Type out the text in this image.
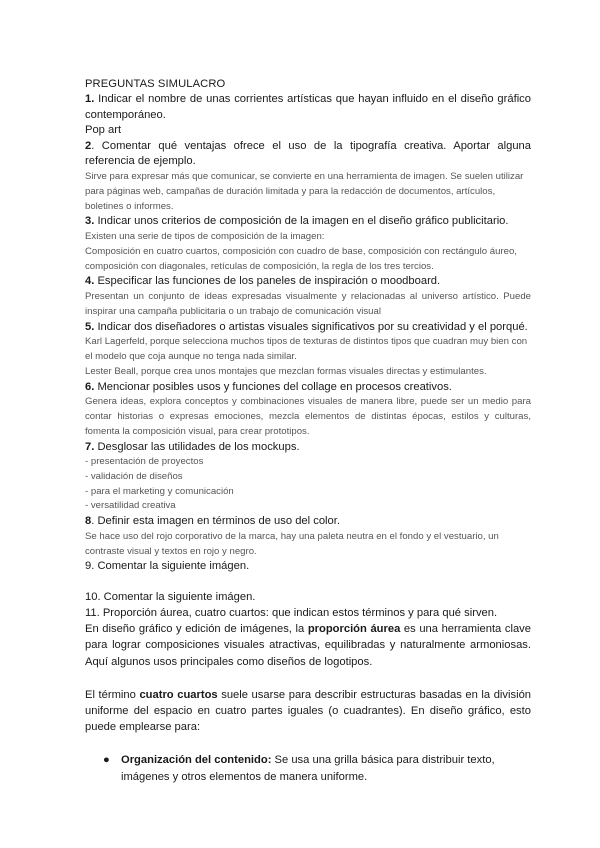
PREGUNTAS SIMULACRO

1. Indicar el nombre de unas corrientes artísticas que hayan influido en el diseño gráfico contemporáneo.

Pop art

2. Comentar qué ventajas ofrece el uso de la tipografía creativa. Aportar alguna referencia de ejemplo.

Sirve para expresar más que comunicar, se convierte en una herramienta de imagen. Se suelen utilizar para páginas web, campañas de duración limitada y para la redacción de documentos, artículos, boletines o informes.

3. Indicar unos criterios de composición de la imagen en el diseño gráfico publicitario.

Existen una serie de tipos de composición de la imagen:

Composición en cuatro cuartos, composición con cuadro de base, composición con rectángulo áureo, composición con diagonales, retículas de composición, la regla de los tres tercios.

4. Especificar las funciones de los paneles de inspiración o moodboard.

Presentan un conjunto de ideas expresadas visualmente y relacionadas al universo artístico. Puede inspirar una campaña publicitaria o un trabajo de comunicación visual

5. Indicar dos diseñadores o artistas visuales significativos por su creatividad y el porqué.

Karl Lagerfeld, porque selecciona muchos tipos de texturas de distintos tipos que cuadran muy bien con el modelo que coja aunque no tenga nada similar.

Lester Beall, porque crea unos montajes que mezclan formas visuales directas y estimulantes.

6. Mencionar posibles usos y funciones del collage en procesos creativos.

Genera ideas, explora conceptos y combinaciones visuales de manera libre, puede ser un medio para contar historias o expresas emociones, mezcla elementos de distintas épocas, estilos y culturas, fomenta la composición visual, para crear prototipos.

7. Desglosar las utilidades de los mockups.

- presentación de proyectos

- validación de diseños

- para el marketing y comunicación

- versatilidad creativa

8. Definir esta imagen en términos de uso del color.

Se hace uso del rojo corporativo de la marca, hay una paleta neutra en el fondo y el vestuario, un contraste visual y textos en rojo y negro.

9. Comentar la siguiente imágen.

10. Comentar la siguiente imágen.

11. Proporción áurea, cuatro cuartos: que indican estos términos y para qué sirven.

En diseño gráfico y edición de imágenes, la proporción áurea es una herramienta clave para lograr composiciones visuales atractivas, equilibradas y naturalmente armoniosas. Aquí algunos usos principales como diseños de logotipos.

El término cuatro cuartos suele usarse para describir estructuras basadas en la división uniforme del espacio en cuatro partes iguales (o cuadrantes). En diseño gráfico, esto puede emplearse para:

● Organización del contenido: Se usa una grilla básica para distribuir texto, imágenes y otros elementos de manera uniforme.
